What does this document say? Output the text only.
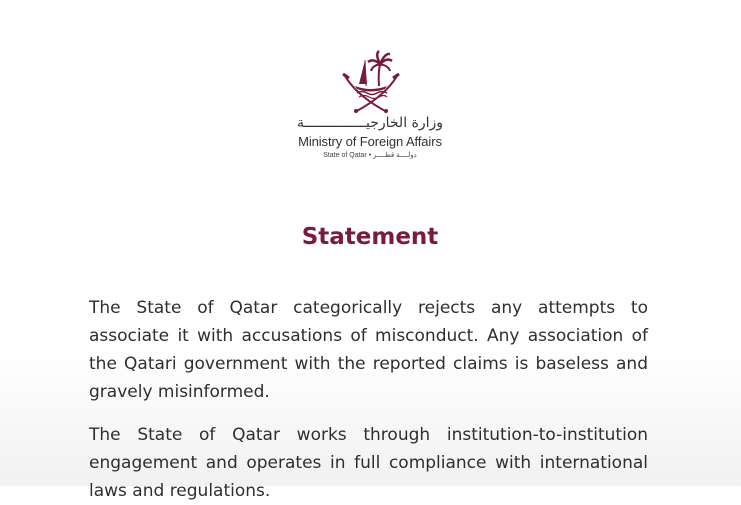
وزارة الخارجيـــــــــــــــة
Ministry of Foreign Affairs
State of Qatar • دولــــة قطــــر
Statement

The State of Qatar categorically rejects any attempts to associate it with accusations of misconduct. Any association of the Qatari government with the reported claims is baseless and gravely misinformed.

The State of Qatar works through institution-to-institution engagement and operates in full compliance with international laws and regulations.
